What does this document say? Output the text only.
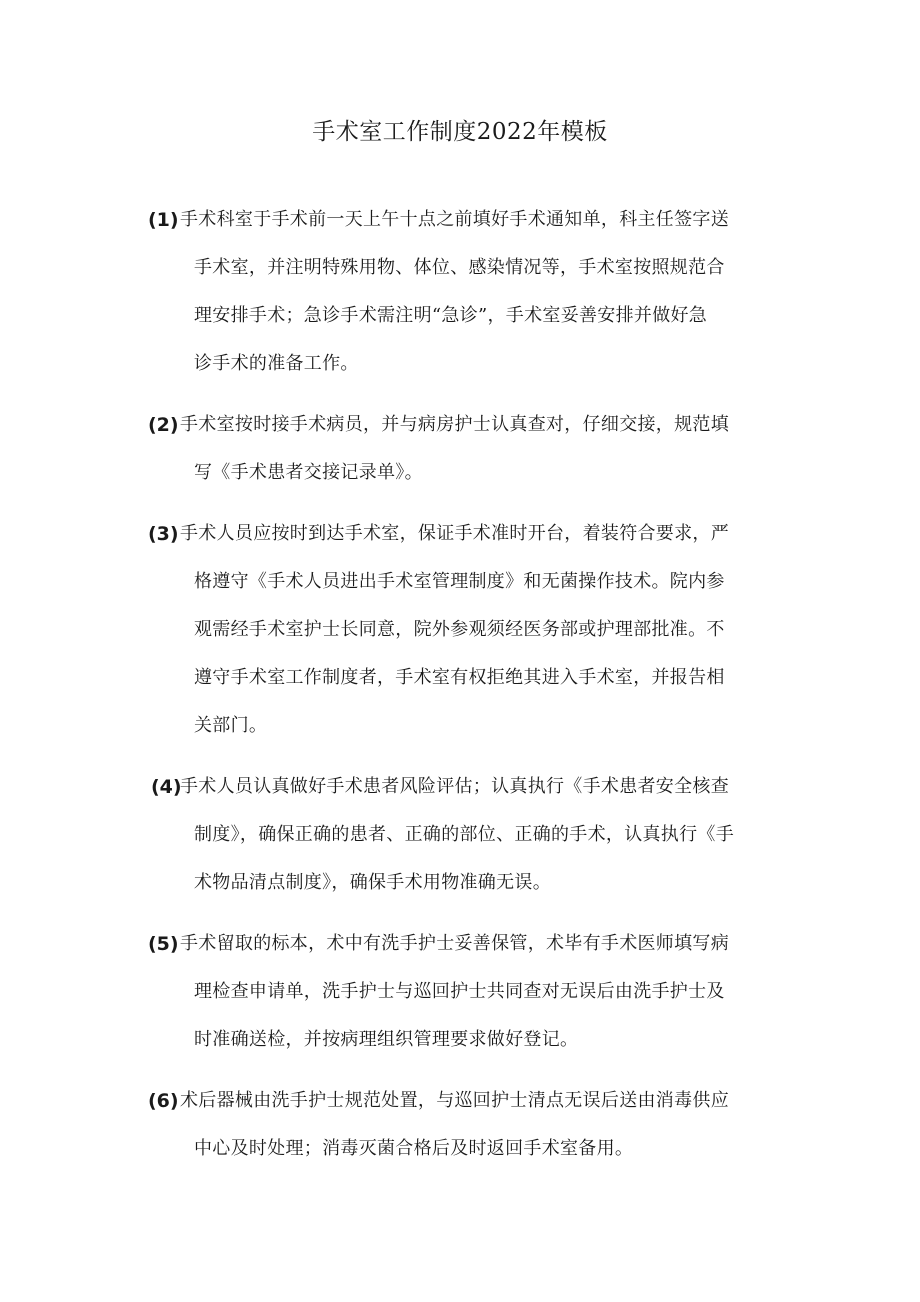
手术室工作制度2022年模板
(1) 手术科室于手术前一天上午十点之前填好手术通知单，科主任签字送
手术室，并注明特殊用物、体位、感染情况等，手术室按照规范合
理安排手术；急诊手术需注明“急诊”，手术室妥善安排并做好急
诊手术的准备工作。
(2) 手术室按时接手术病员，并与病房护士认真查对，仔细交接，规范填
写《手术患者交接记录单》。
(3) 手术人员应按时到达手术室，保证手术准时开台，着装符合要求，严
格遵守《手术人员进出手术室管理制度》和无菌操作技术。院内参
观需经手术室护士长同意，院外参观须经医务部或护理部批准。不
遵守手术室工作制度者，手术室有权拒绝其进入手术室，并报告相
关部门。
(4)
手术人员认真做好手术患者风险评估；认真执行《手术患者安全核查
制度》，确保正确的患者、正确的部位、正确的手术，认真执行《手
术物品清点制度》，确保手术用物准确无误。
(5) 手术留取的标本，术中有洗手护士妥善保管，术毕有手术医师填写病
理检查申请单，洗手护士与巡回护士共同查对无误后由洗手护士及
时准确送检，并按病理组织管理要求做好登记。
(6) 术后器械由洗手护士规范处置，与巡回护士清点无误后送由消毒供应
中心及时处理；消毒灭菌合格后及时返回手术室备用。
